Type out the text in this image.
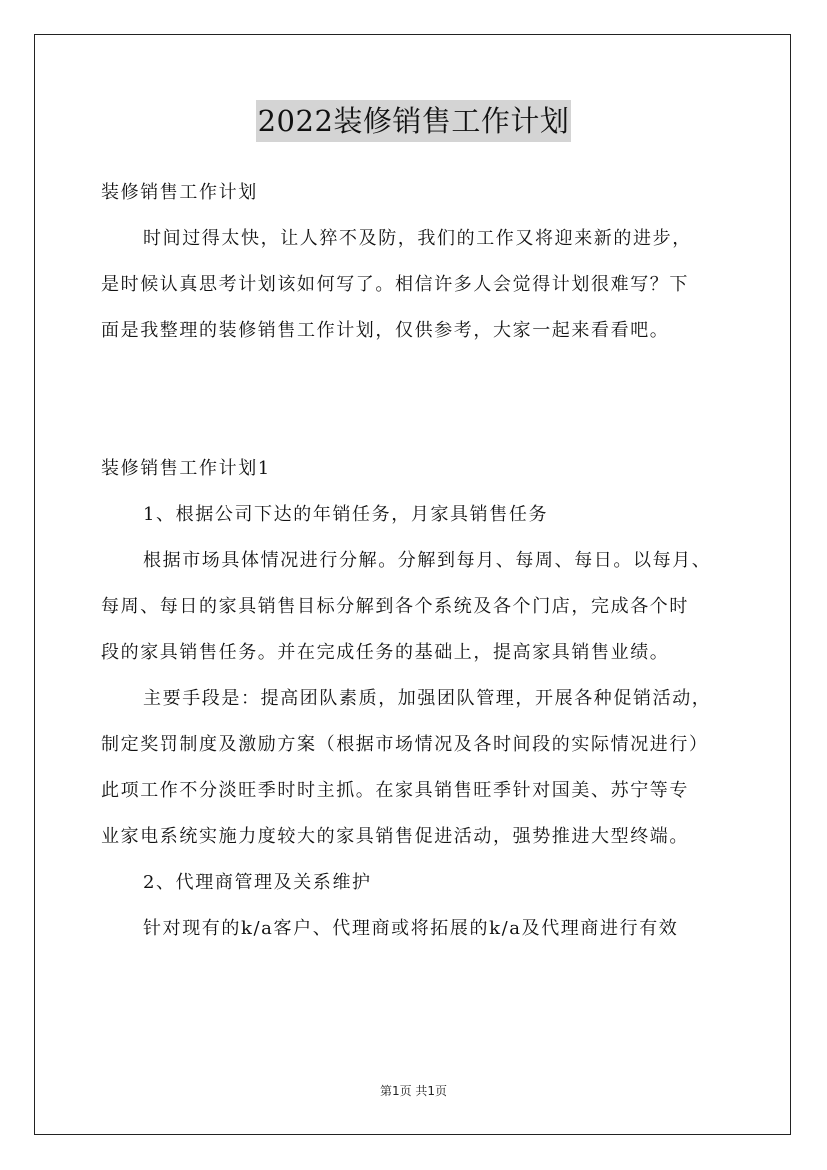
2022装修销售工作计划
装修销售工作计划
时间过得太快，让人猝不及防，我们的工作又将迎来新的进步，
是时候认真思考计划该如何写了。相信许多人会觉得计划很难写？下
面是我整理的装修销售工作计划，仅供参考，大家一起来看看吧。
装修销售工作计划1
1、根据公司下达的年销任务，月家具销售任务
根据市场具体情况进行分解。分解到每月、每周、每日。以每月、
每周、每日的家具销售目标分解到各个系统及各个门店，完成各个时
段的家具销售任务。并在完成任务的基础上，提高家具销售业绩。
主要手段是：提高团队素质，加强团队管理，开展各种促销活动，
制定奖罚制度及激励方案（根据市场情况及各时间段的实际情况进行）
此项工作不分淡旺季时时主抓。在家具销售旺季针对国美、苏宁等专
业家电系统实施力度较大的家具销售促进活动，强势推进大型终端。
2、代理商管理及关系维护
针对现有的k/a客户、代理商或将拓展的k/a及代理商进行有效
第1页 共1页
